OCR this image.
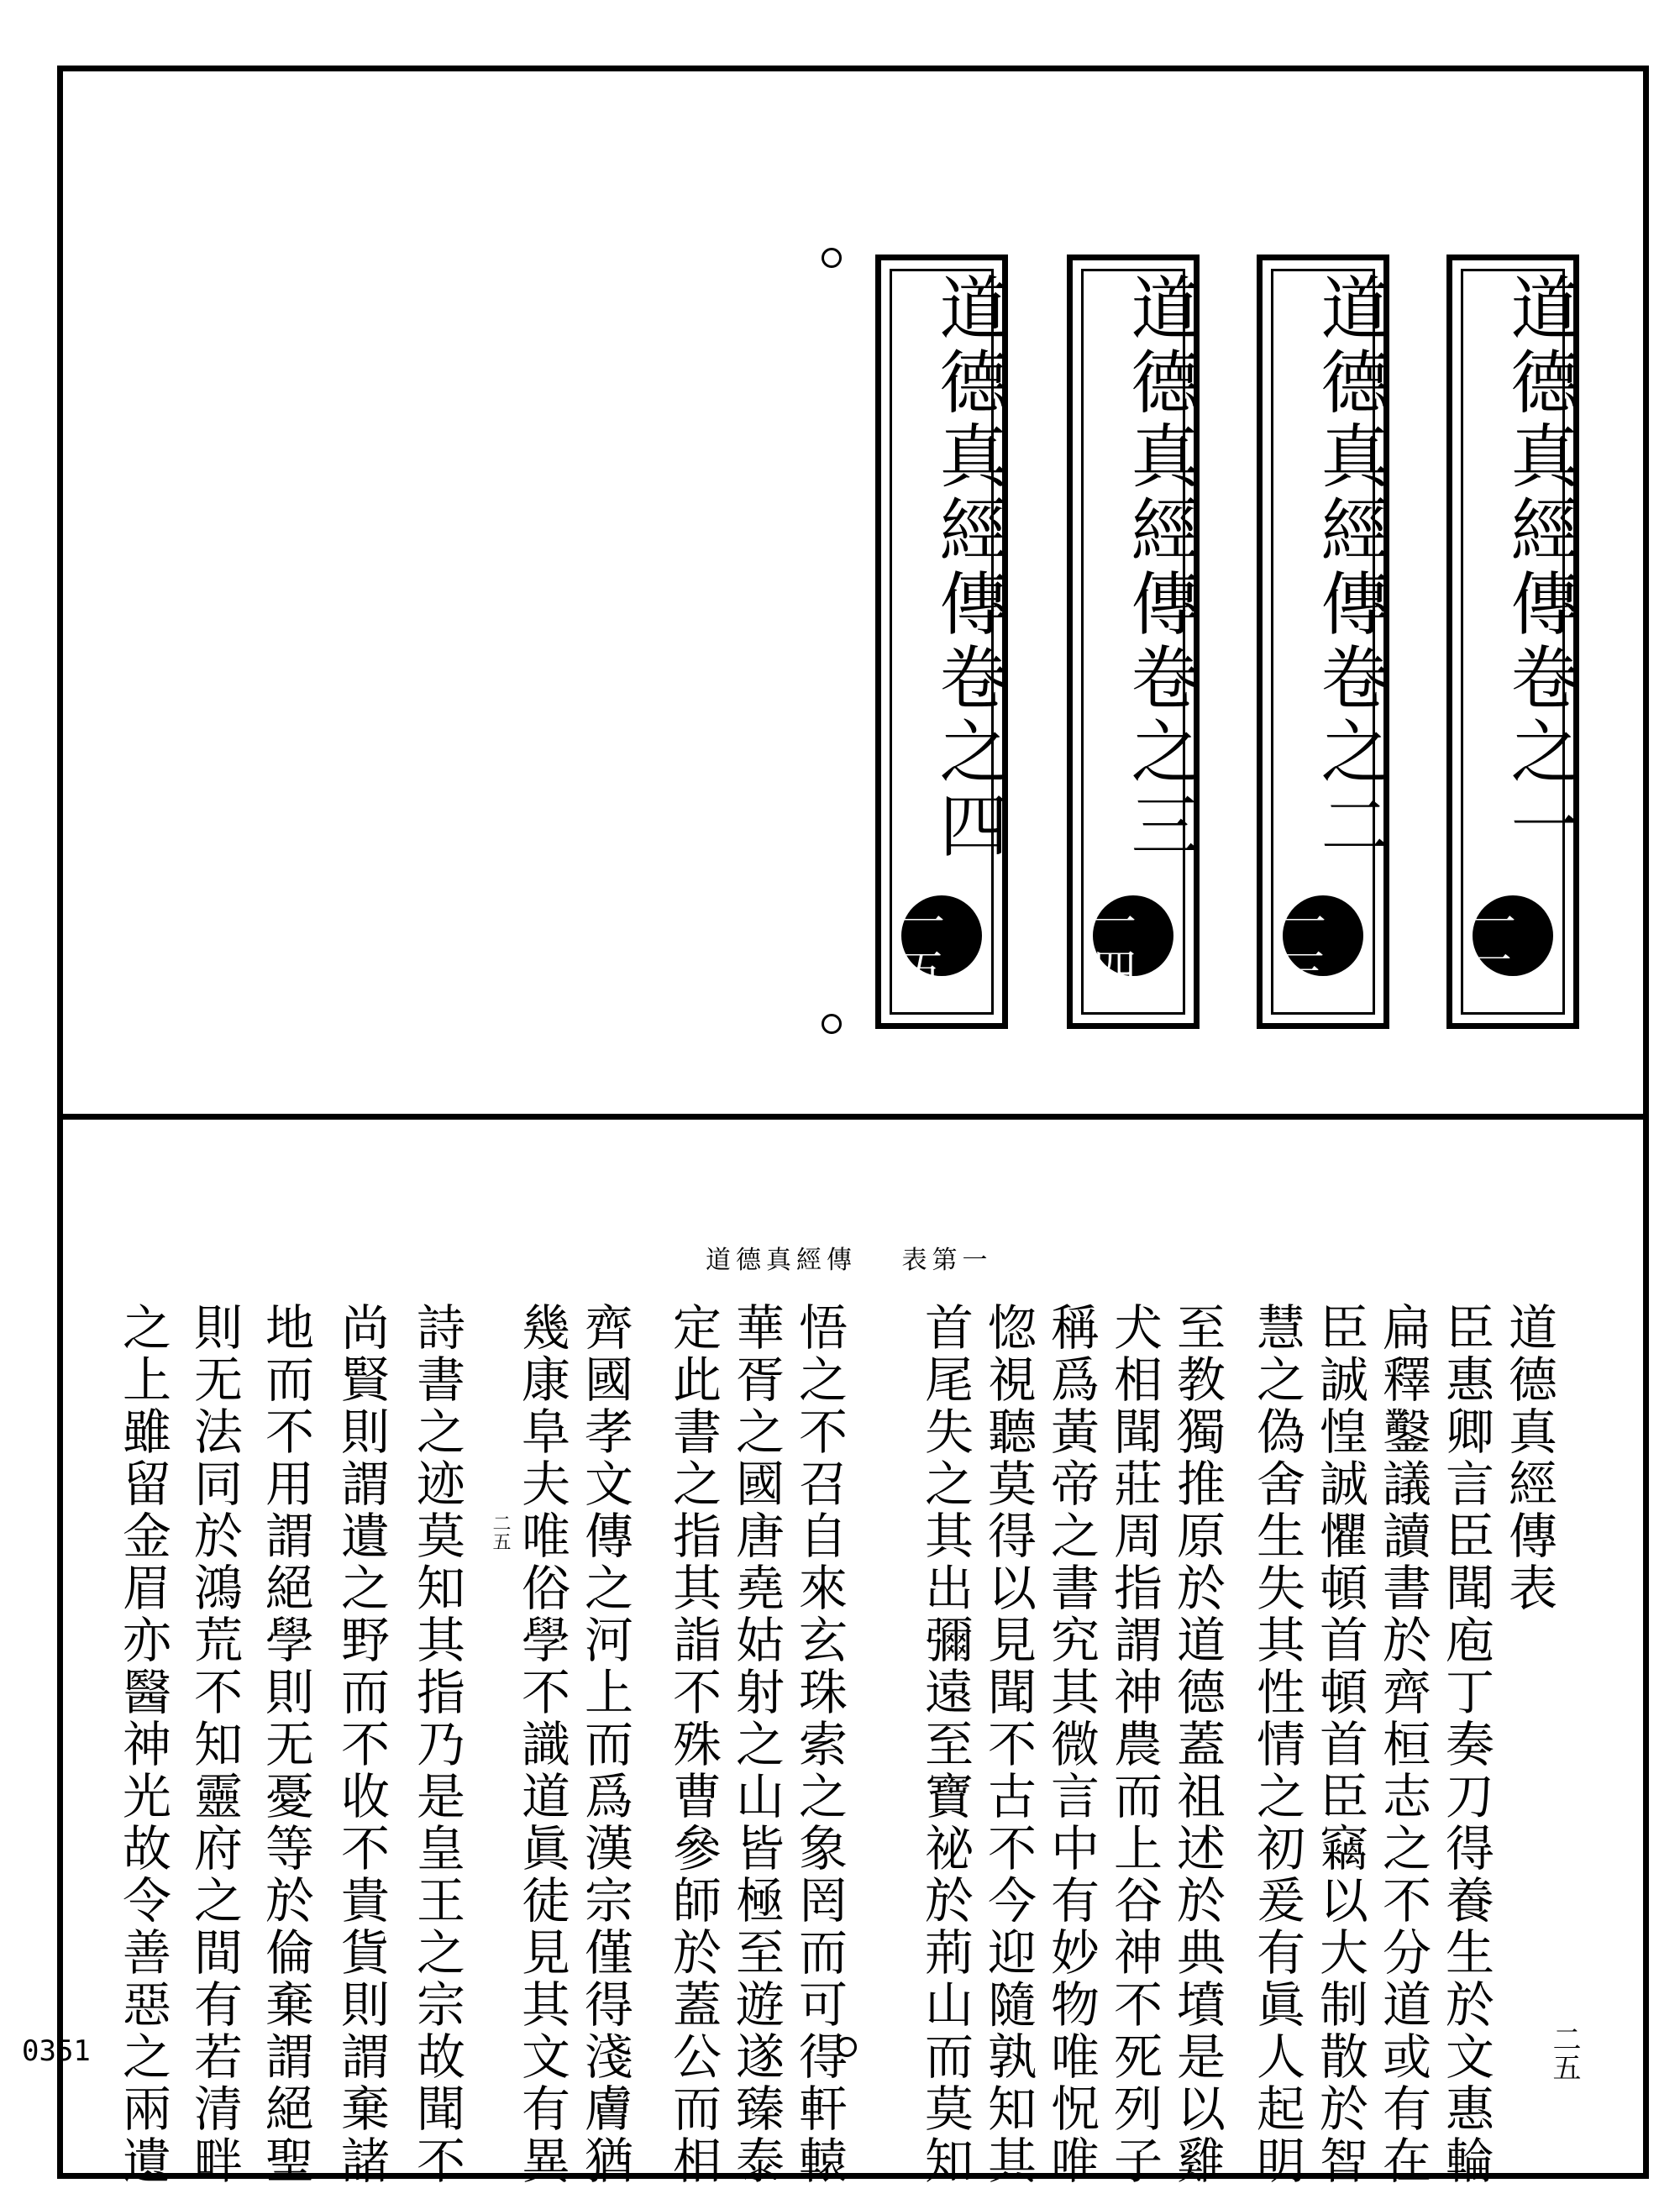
道德真經傳卷之一
二二
道德真經傳卷之二
二三
道德真經傳卷之三
二四
道德真經傳卷之四
二五
道德真經傳 表第一
道德真經傳表
臣惠卿言臣聞庖丁奏刀得養生於文惠輪
扁釋鑿議讀書於齊桓志之不分道或有在
臣誠惶誠懼頓首頓首臣竊以大制散於智
慧之偽舍生失其性情之初爰有眞人起明
至教獨推原於道德蓋祖述於典墳是以雞
犬相聞莊周指謂神農而上谷神不死列子
稱爲黃帝之書究其微言中有妙物唯怳唯
惚視聽莫得以見聞不古不今迎隨孰知其
首尾失之其出彌遠至寶祕於荊山而莫知
悟之不召自來玄珠索之象罔而可得軒轅
華胥之國唐堯姑射之山皆極至遊遂臻泰
定此書之指其詣不殊曹參師於蓋公而相
齊國孝文傳之河上而爲漢宗僅得淺膚猶
幾康阜夫唯俗學不識道眞徒見其文有異
詩書之迹莫知其指乃是皇王之宗故聞不
尚賢則謂遺之野而不收不貴貨則謂棄諸
地而不用謂絕學則无憂等於倫棄謂絕聖
則无法同於鴻荒不知靈府之間有若清畔
之上雖留金眉亦醫神光故令善惡之兩遺	二五
二五
0351
